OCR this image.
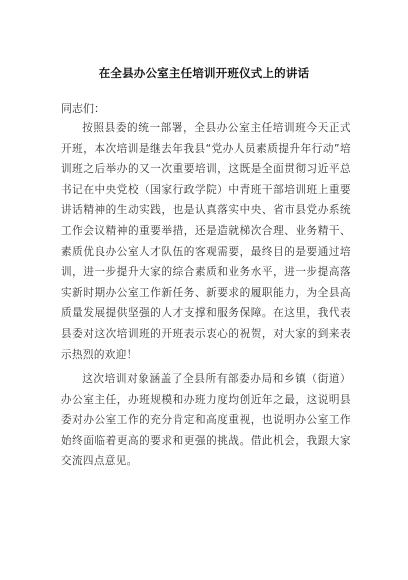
在全县办公室主任培训开班仪式上的讲话
同志们：
按照县委的统一部署，全县办公室主任培训班今天正式开班，本次培训是继去年我县“党办人员素质提升年行动”培训班之后举办的又一次重要培训，这既是全面贯彻习近平总书记在中央党校（国家行政学院）中青班干部培训班上重要讲话精神的生动实践，也是认真落实中央、省市县党办系统工作会议精神的重要举措，还是造就梯次合理、业务精干、素质优良办公室人才队伍的客观需要，最终目的是要通过培训，进一步提升大家的综合素质和业务水平，进一步提高落实新时期办公室工作新任务、新要求的履职能力，为全县高质量发展提供坚强的人才支撑和服务保障。在这里，我代表县委对这次培训班的开班表示衷心的祝贺，对大家的到来表示热烈的欢迎！
这次培训对象涵盖了全县所有部委办局和乡镇（街道）办公室主任，办班规模和办班力度均创近年之最，这说明县委对办公室工作的充分肯定和高度重视，也说明办公室工作始终面临着更高的要求和更强的挑战。借此机会，我跟大家交流四点意见。
